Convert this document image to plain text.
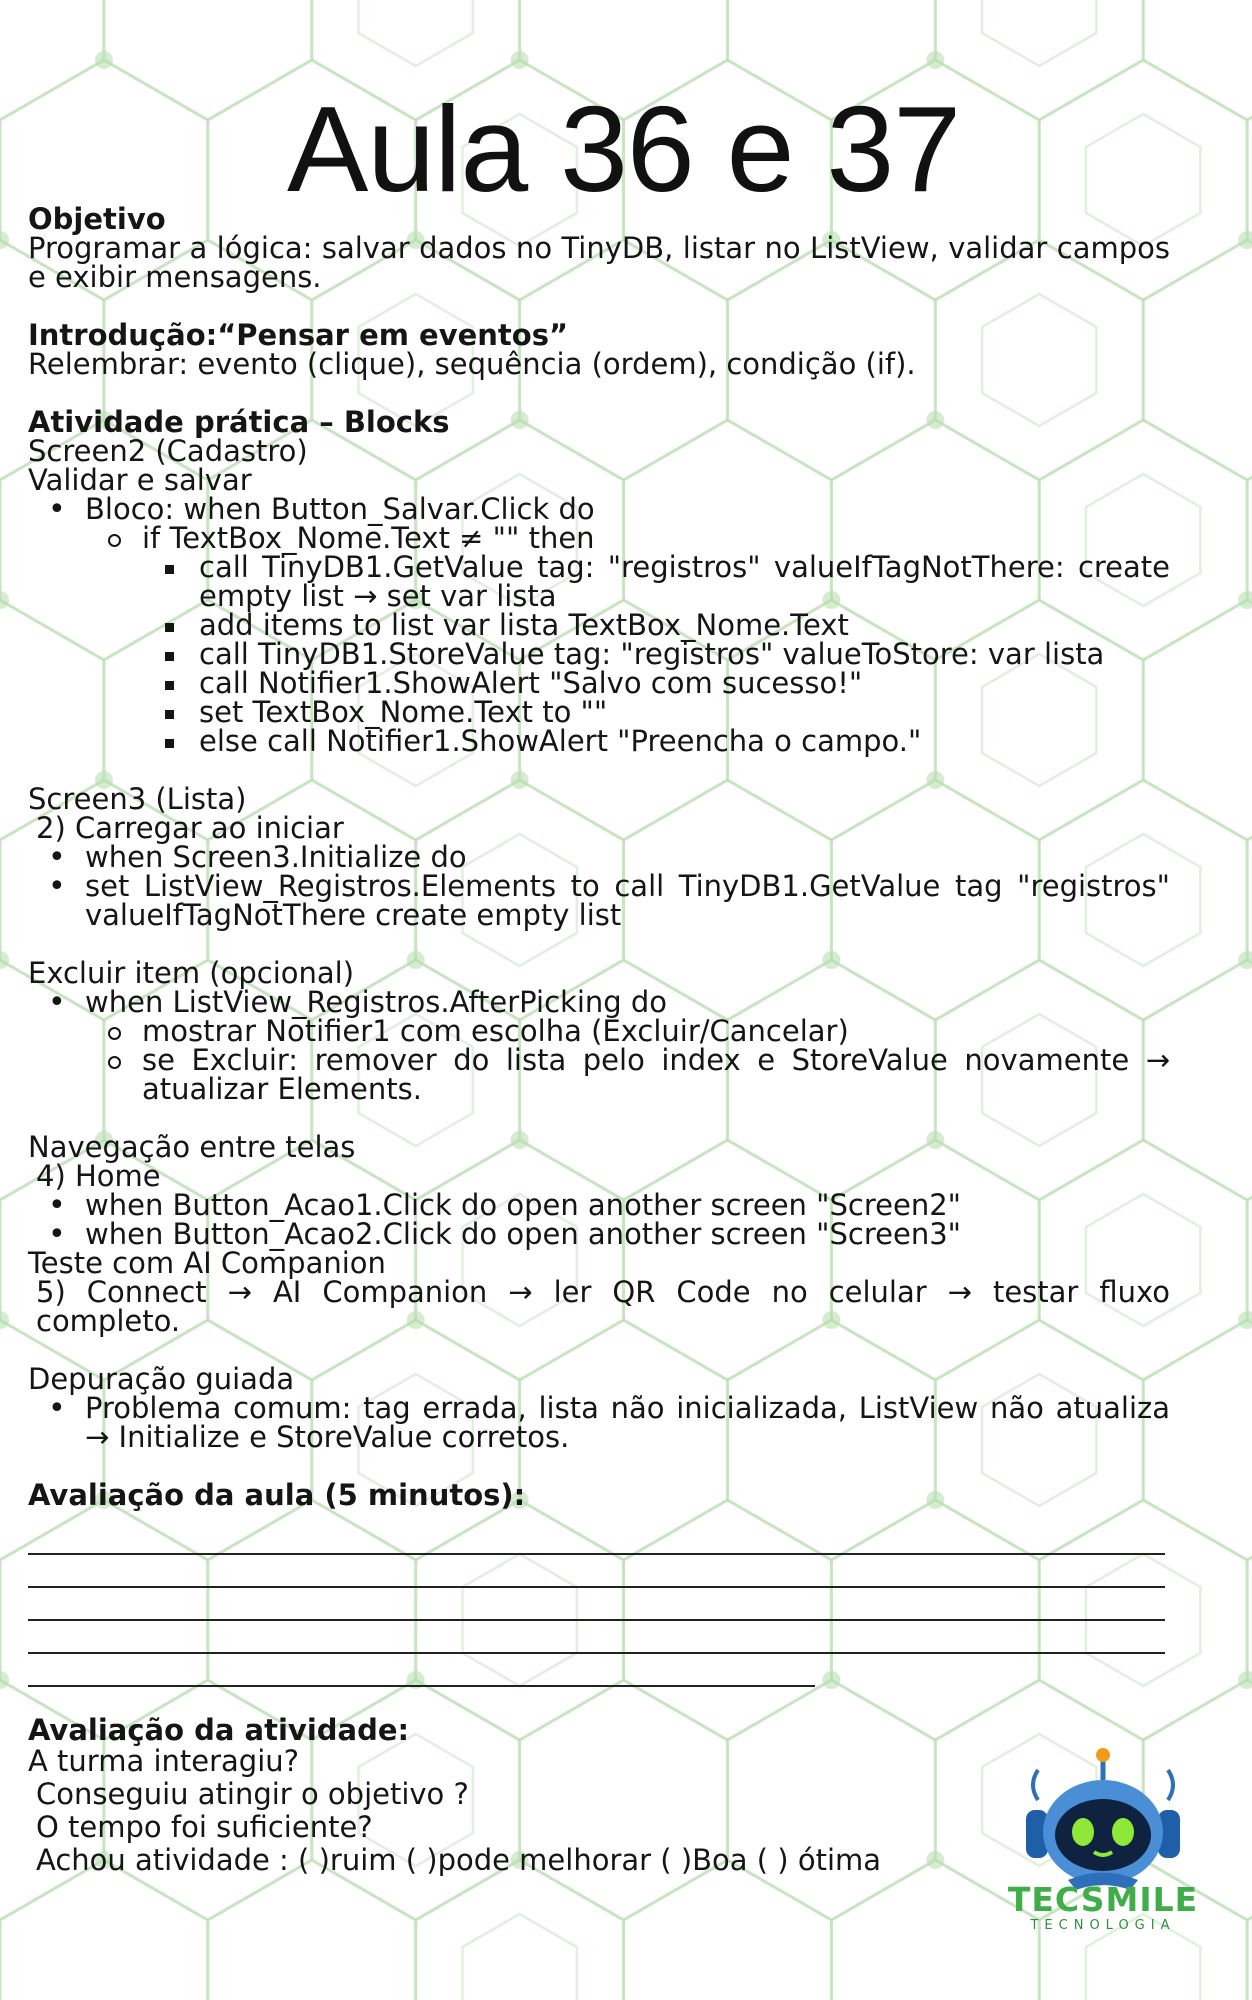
Aula 36 e 37

Objetivo

Programar a lógica: salvar dados no TinyDB, listar no ListView, validar campos e exibir mensagens.

Introdução:“Pensar em eventos”

Relembrar: evento (clique), sequência (ordem), condição (if).

Atividade prática – Blocks

Screen2 (Cadastro)

Validar e salvar

• Bloco: when Button_Salvar.Click do
if TextBox_Nome.Text ≠ "" then
call TinyDB1.GetValue tag: "registros" valueIfTagNotThere: create empty list → set var lista
add items to list var lista TextBox_Nome.Text
call TinyDB1.StoreValue tag: "registros" valueToStore: var lista
call Notifier1.ShowAlert "Salvo com sucesso!"
set TextBox_Nome.Text to ""
else call Notifier1.ShowAlert "Preencha o campo."

Screen3 (Lista)

2) Carregar ao iniciar

• when Screen3.Initialize do
• set ListView_Registros.Elements to call TinyDB1.GetValue tag "registros" valueIfTagNotThere create empty list

Excluir item (opcional)

• when ListView_Registros.AfterPicking do
mostrar Notifier1 com escolha (Excluir/Cancelar)
se Excluir: remover do lista pelo index e StoreValue novamente → atualizar Elements.

Navegação entre telas

4) Home

• when Button_Acao1.Click do open another screen "Screen2"
• when Button_Acao2.Click do open another screen "Screen3"

Teste com AI Companion

5) Connect → AI Companion → ler QR Code no celular → testar fluxo completo.

Depuração guiada

• Problema comum: tag errada, lista não inicializada, ListView não atualiza → Initialize e StoreValue corretos.

Avaliação da aula (5 minutos):

Avaliação da atividade:

A turma interagiu?

Conseguiu atingir o objetivo ?

O tempo foi suficiente?

Achou atividade : ( )ruim ( )pode melhorar ( )Boa ( ) ótima

TECSMILE
TECNOLOGIA
